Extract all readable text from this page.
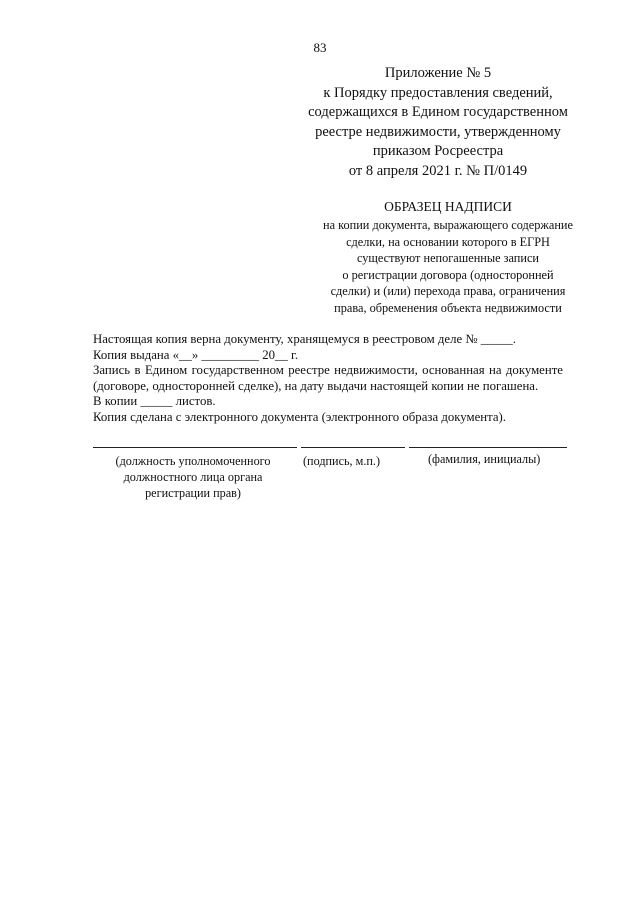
83
Приложение № 5
к Порядку предоставления сведений,
содержащихся в Едином государственном
реестре недвижимости, утвержденному
приказом Росреестра
от 8 апреля 2021 г. № П/0149
ОБРАЗЕЦ НАДПИСИ
на копии документа, выражающего содержание
сделки, на основании которого в ЕГРН
существуют непогашенные записи
о регистрации договора (односторонней
сделки) и (или) перехода права, ограничения
права, обременения объекта недвижимости
Настоящая копия верна документу, хранящемуся в реестровом деле № _____.
Копия выдана «__» _________ 20__ г.
Запись в Едином государственном реестре недвижимости, основанная на документе
(договоре, односторонней сделке), на дату выдачи настоящей копии не погашена.
В копии _____ листов.
Копия сделана с электронного документа (электронного образа документа).
(должность уполномоченного
должностного лица органа
регистрации прав)
(подпись, м.п.)	(фамилия, инициалы)
